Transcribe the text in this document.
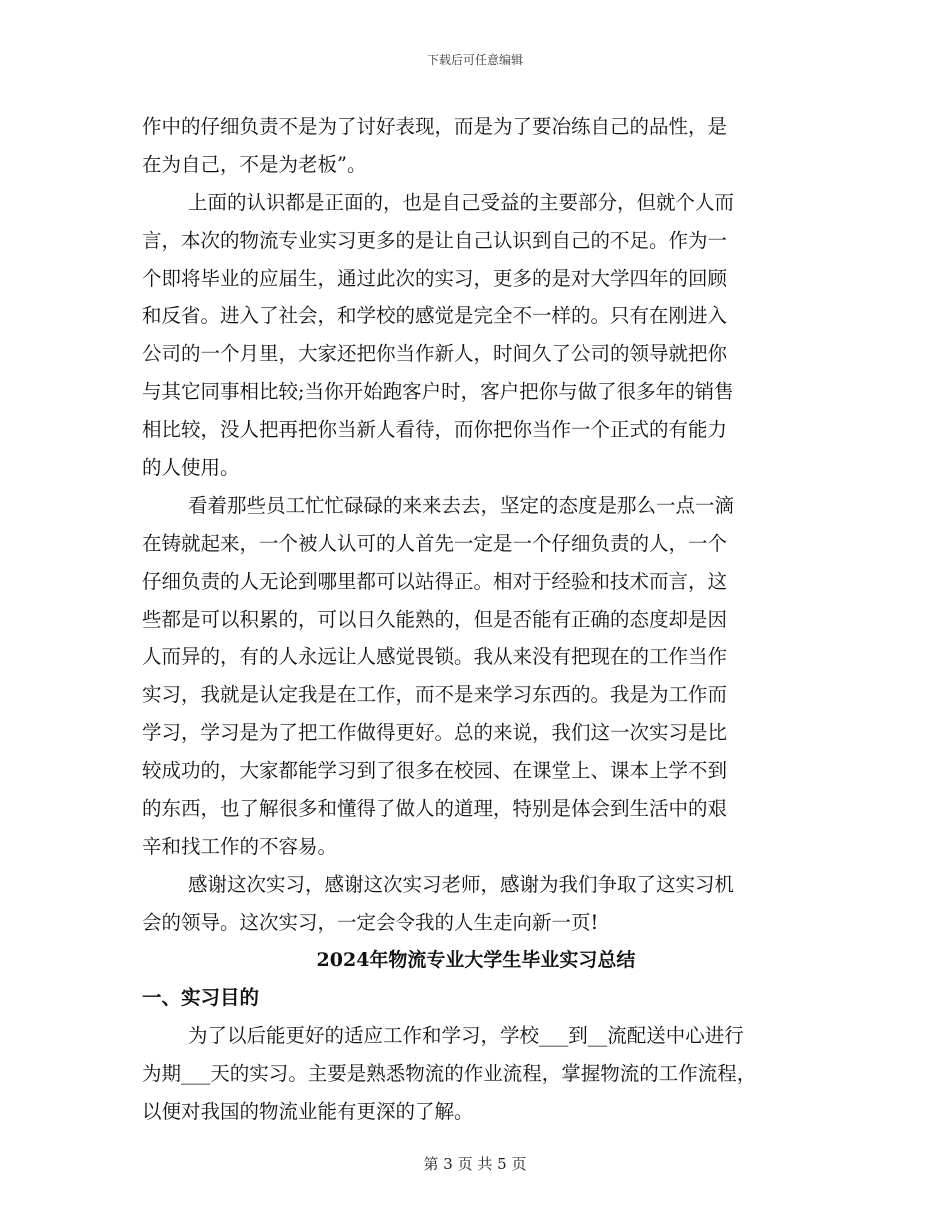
下载后可任意编辑
作中的仔细负责不是为了讨好表现，而是为了要冶练自己的品性，是
在为自己，不是为老板”。
上面的认识都是正面的，也是自己受益的主要部分，但就个人而
言，本次的物流专业实习更多的是让自己认识到自己的不足。作为一
个即将毕业的应届生，通过此次的实习，更多的是对大学四年的回顾
和反省。进入了社会，和学校的感觉是完全不一样的。只有在刚进入
公司的一个月里，大家还把你当作新人，时间久了公司的领导就把你
与其它同事相比较;当你开始跑客户时，客户把你与做了很多年的销售
相比较，没人把再把你当新人看待，而你把你当作一个正式的有能力
的人使用。
看着那些员工忙忙碌碌的来来去去，坚定的态度是那么一点一滴
在铸就起来，一个被人认可的人首先一定是一个仔细负责的人，一个
仔细负责的人无论到哪里都可以站得正。相对于经验和技术而言，这
些都是可以积累的，可以日久能熟的，但是否能有正确的态度却是因
人而异的，有的人永远让人感觉畏锁。我从来没有把现在的工作当作
实习，我就是认定我是在工作，而不是来学习东西的。我是为工作而
学习，学习是为了把工作做得更好。总的来说，我们这一次实习是比
较成功的，大家都能学习到了很多在校园、在课堂上、课本上学不到
的东西，也了解很多和懂得了做人的道理，特别是体会到生活中的艰
辛和找工作的不容易。
感谢这次实习，感谢这次实习老师，感谢为我们争取了这实习机
会的领导。这次实习，一定会令我的人生走向新一页!
2024年物流专业大学生毕业实习总结
一、实习目的
为了以后能更好的适应工作和学习，学校___到__流配送中心进行
为期___天的实习。主要是熟悉物流的作业流程，掌握物流的工作流程，
以便对我国的物流业能有更深的了解。
第 3 页 共 5 页
